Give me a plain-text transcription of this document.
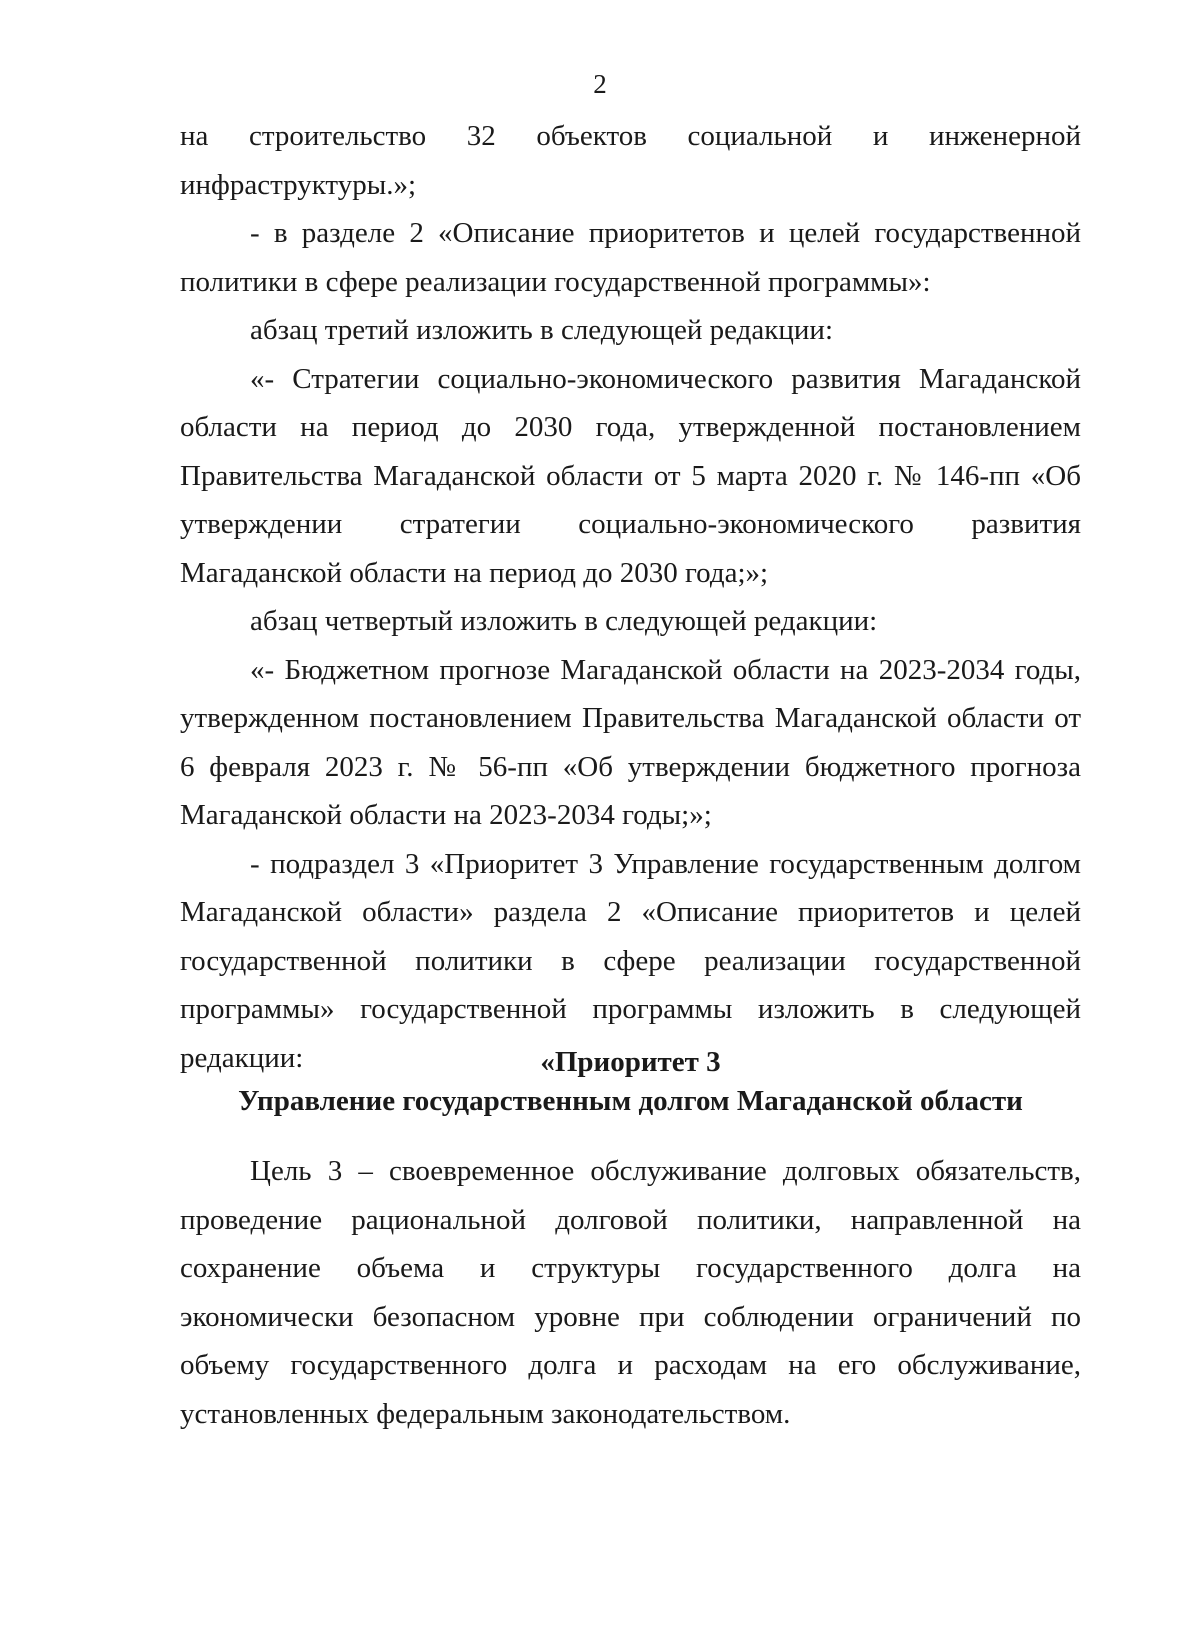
2

на строительство 32 объектов социальной и инженерной инфраструктуры.»;

- в разделе 2 «Описание приоритетов и целей государственной политики в сфере реализации государственной программы»:

абзац третий изложить в следующей редакции:

«- Стратегии социально-экономического развития Магаданской области на период до 2030 года, утвержденной постановлением Правительства Магаданской области от 5 марта 2020 г. № 146-пп «Об утверждении стратегии социально-экономического развития Магаданской области на период до 2030 года;»;

абзац четвертый изложить в следующей редакции:

«- Бюджетном прогнозе Магаданской области на 2023-2034 годы, утвержденном постановлением Правительства Магаданской области от 6 февраля 2023 г. № 56-пп «Об утверждении бюджетного прогноза Магаданской области на 2023-2034 годы;»;

- подраздел 3 «Приоритет 3 Управление государственным долгом Магаданской области» раздела 2 «Описание приоритетов и целей государственной политики в сфере реализации государственной программы» государственной программы изложить в следующей редакции:	«Приоритет 3
Управление государственным долгом Магаданской области

Цель 3 – своевременное обслуживание долговых обязательств, проведение рациональной долговой политики, направленной на сохранение объема и структуры государственного долга на экономически безопасном уровне при соблюдении ограничений по объему государственного долга и расходам на его обслуживание, установленных федеральным законодательством.
